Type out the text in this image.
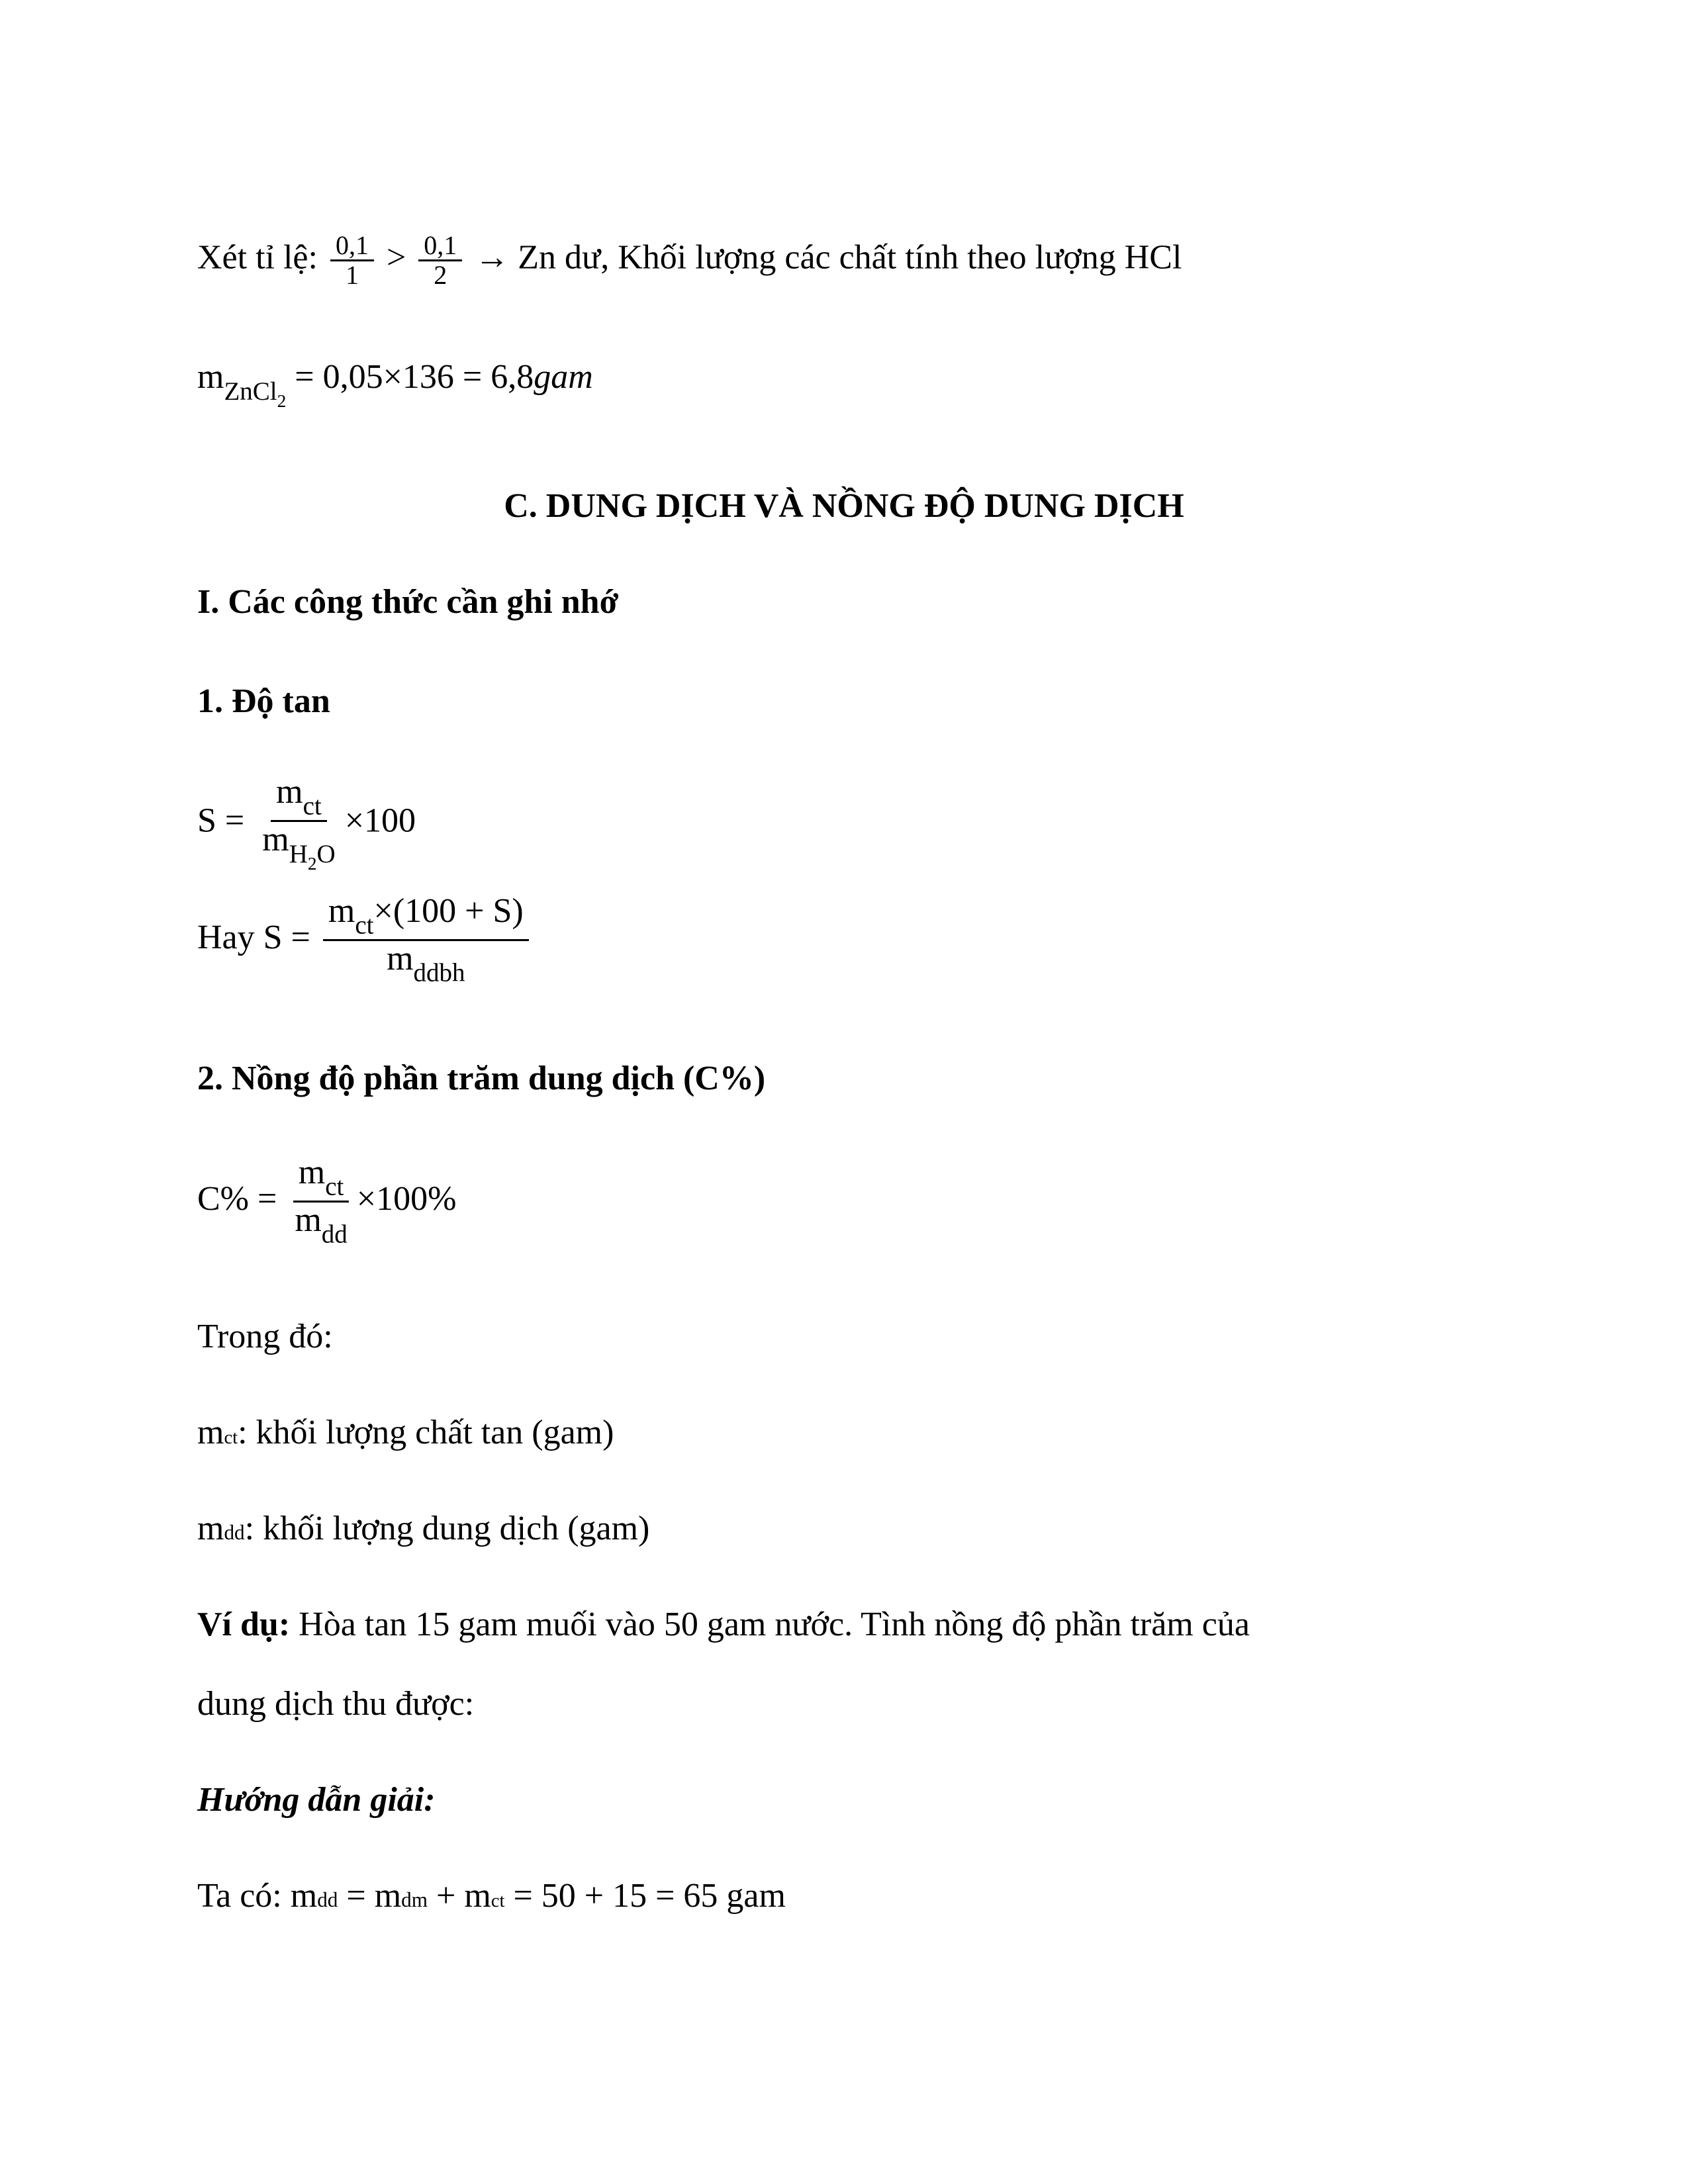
Xét tỉ lệ: $\frac{0,1}{1} > \frac{0,1}{2} \to Zn$ dư, Khối lượng các chất tính theo lượng HCl
$m_{ZnCl_2} = 0,05\times 136 = 6,8gam$
C. DUNG DỊCH VÀ NỒNG ĐỘ DUNG DỊCH
I. Các công thức cần ghi nhớ
1. Độ tan
$S = \frac{m_{ct}}{m_{H_2O}} \times 100$
Hay $S = \frac{m_{ct}\times(100 + S)}{m_{ddbh}}$
2. Nồng độ phần trăm dung dịch (C%)
$C\% = \frac{m_{ct}}{m_{dd}} \times 100\%$
Trong đó:
mct: khối lượng chất tan (gam)
mdd: khối lượng dung dịch (gam)
Ví dụ: Hòa tan 15 gam muối vào 50 gam nước. Tình nồng độ phần trăm của
dung dịch thu được:
Hướng dẫn giải:
Ta có: mdd = mdm + mct = 50 + 15 = 65 gam
